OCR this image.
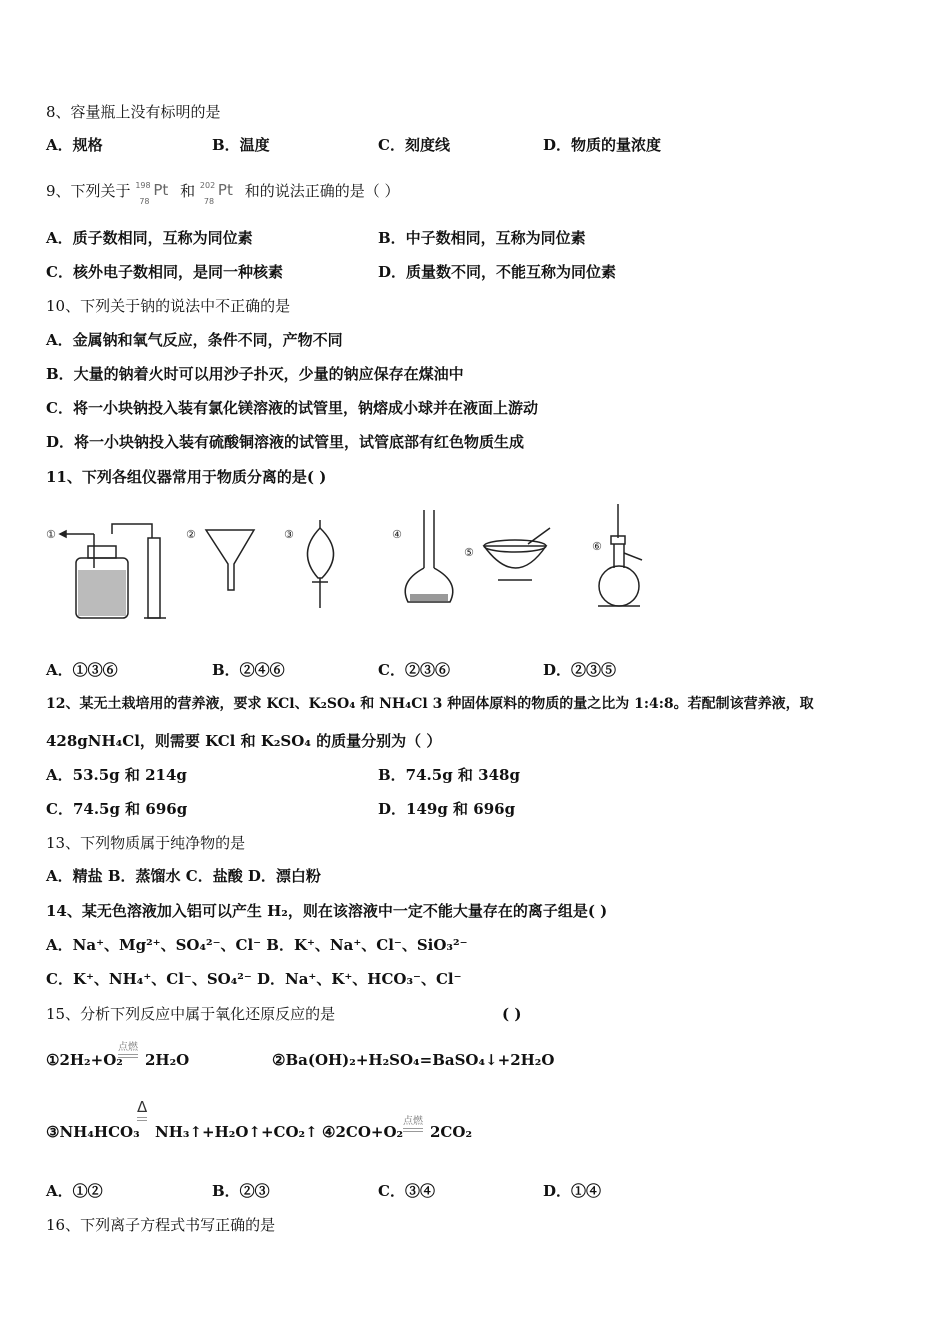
8、容量瓶上没有标明的是
A．规格	B．温度	C．刻度线	D．物质的量浓度
9、下列关于 198
78
Pt 和 202
78
Pt 和的说法正确的是（ ）
A．质子数相同，互称为同位素	B．中子数相同，互称为同位素
C．核外电子数相同，是同一种核素	D．质量数不同，不能互称为同位素
10、下列关于钠的说法中不正确的是
A．金属钠和氧气反应，条件不同，产物不同
B．大量的钠着火时可以用沙子扑灭，少量的钠应保存在煤油中
C．将一小块钠投入装有氯化镁溶液的试管里，钠熔成小球并在液面上游动
D．将一小块钠投入装有硫酸铜溶液的试管里，试管底部有红色物质生成
11、下列各组仪器常用于物质分离的是( )
①	②	③	④
⑤	⑥
A．①③⑥	B．②④⑥	C．②③⑥	D．②③⑤
12、某无土栽培用的营养液，要求 KCl、K₂SO₄ 和 NH₄Cl 3 种固体原料的物质的量之比为 1:4:8。若配制该营养液，取
428gNH₄Cl，则需要 KCl 和 K₂SO₄ 的质量分别为（ ）
A．53.5g 和 214g	B．74.5g 和 348g
C．74.5g 和 696g	D．149g 和 696g
13、下列物质属于纯净物的是
A．精盐 B．蒸馏水 C．盐酸 D．漂白粉
14、某无色溶液加入铝可以产生 H₂，则在该溶液中一定不能大量存在的离子组是( )
A．Na⁺、Mg²⁺、SO₄²⁻、Cl⁻ B．K⁺、Na⁺、Cl⁻、SiO₃²⁻
C．K⁺、NH₄⁺、Cl⁻、SO₄²⁻ D．Na⁺、K⁺、HCO₃⁻、Cl⁻
15、分析下列反应中属于氧化还原反应的是	( )
①2H₂+O₂
点燃
2H₂O	②Ba(OH)₂+H₂SO₄=BaSO₄↓+2H₂O
③NH₄HCO₃
Δ
NH₃↑+H₂O↑+CO₂↑ ④2CO+O₂
点燃
2CO₂
A．①②	B．②③	C．③④	D．①④
16、下列离子方程式书写正确的是
